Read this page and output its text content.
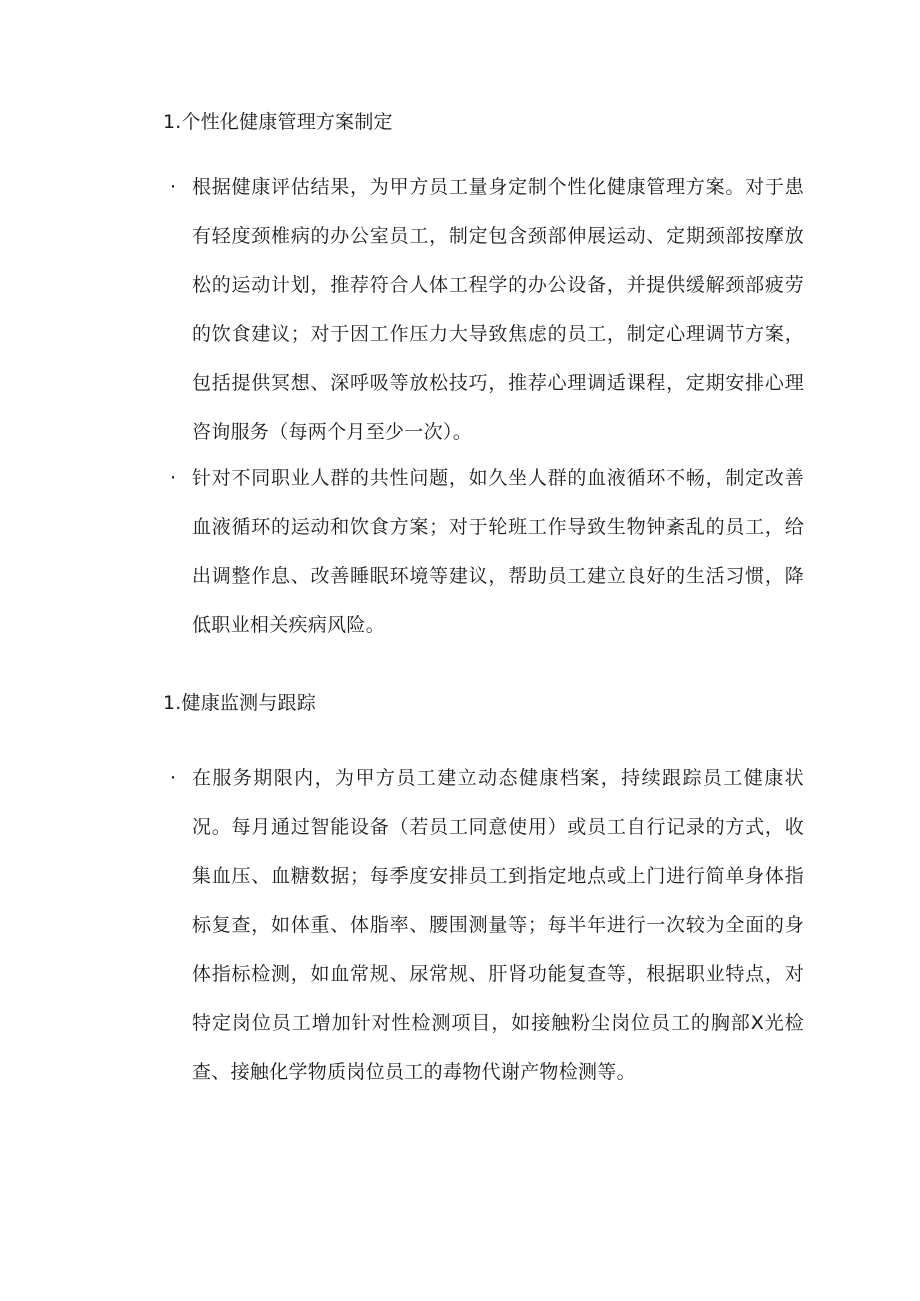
1.个性化健康管理方案制定
· 根据健康评估结果，为甲方员工量身定制个性化健康管理方案。对于患有轻度颈椎病的办公室员工，制定包含颈部伸展运动、定期颈部按摩放松的运动计划，推荐符合人体工程学的办公设备，并提供缓解颈部疲劳的饮食建议；对于因工作压力大导致焦虑的员工，制定心理调节方案，包括提供冥想、深呼吸等放松技巧，推荐心理调适课程，定期安排心理咨询服务（每两个月至少一次）。
· 针对不同职业人群的共性问题，如久坐人群的血液循环不畅，制定改善血液循环的运动和饮食方案；对于轮班工作导致生物钟紊乱的员工，给出调整作息、改善睡眠环境等建议，帮助员工建立良好的生活习惯，降低职业相关疾病风险。
1.健康监测与跟踪
· 在服务期限内，为甲方员工建立动态健康档案，持续跟踪员工健康状况。每月通过智能设备（若员工同意使用）或员工自行记录的方式，收集血压、血糖数据；每季度安排员工到指定地点或上门进行简单身体指标复查，如体重、体脂率、腰围测量等；每半年进行一次较为全面的身体指标检测，如血常规、尿常规、肝肾功能复查等，根据职业特点，对特定岗位员工增加针对性检测项目，如接触粉尘岗位员工的胸部X光检查、接触化学物质岗位员工的毒物代谢产物检测等。
